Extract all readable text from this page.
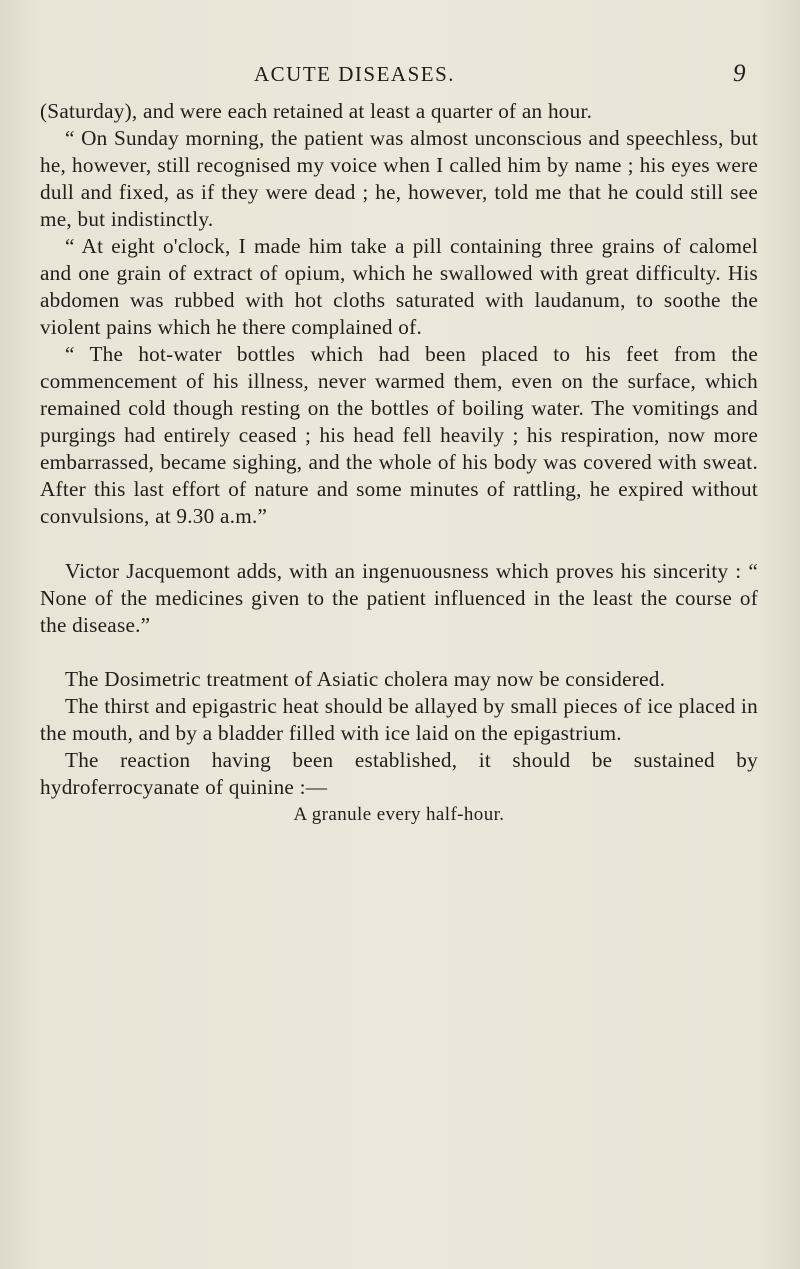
ACUTE DISEASES.	9

(Saturday), and were each retained at least a quarter of an hour.

“ On Sunday morning, the patient was almost unconscious and speechless, but he, however, still recognised my voice when I called him by name ; his eyes were dull and fixed, as if they were dead ; he, however, told me that he could still see me, but indistinctly.

“ At eight o'clock, I made him take a pill containing three grains of calomel and one grain of extract of opium, which he swallowed with great difficulty. His abdomen was rubbed with hot cloths saturated with laudanum, to soothe the violent pains which he there complained of.

“ The hot-water bottles which had been placed to his feet from the commencement of his illness, never warmed them, even on the surface, which remained cold though resting on the bottles of boiling water. The vomitings and purgings had entirely ceased ; his head fell heavily ; his respiration, now more embarrassed, became sighing, and the whole of his body was covered with sweat. After this last effort of nature and some minutes of rattling, he expired without convulsions, at 9.30 a.m.”

Victor Jacquemont adds, with an ingenuousness which proves his sincerity : “ None of the medicines given to the patient influenced in the least the course of the disease.”

The Dosimetric treatment of Asiatic cholera may now be considered.

The thirst and epigastric heat should be allayed by small pieces of ice placed in the mouth, and by a bladder filled with ice laid on the epigastrium.

The reaction having been established, it should be sustained by hydroferrocyanate of quinine :—

A granule every half-hour.
